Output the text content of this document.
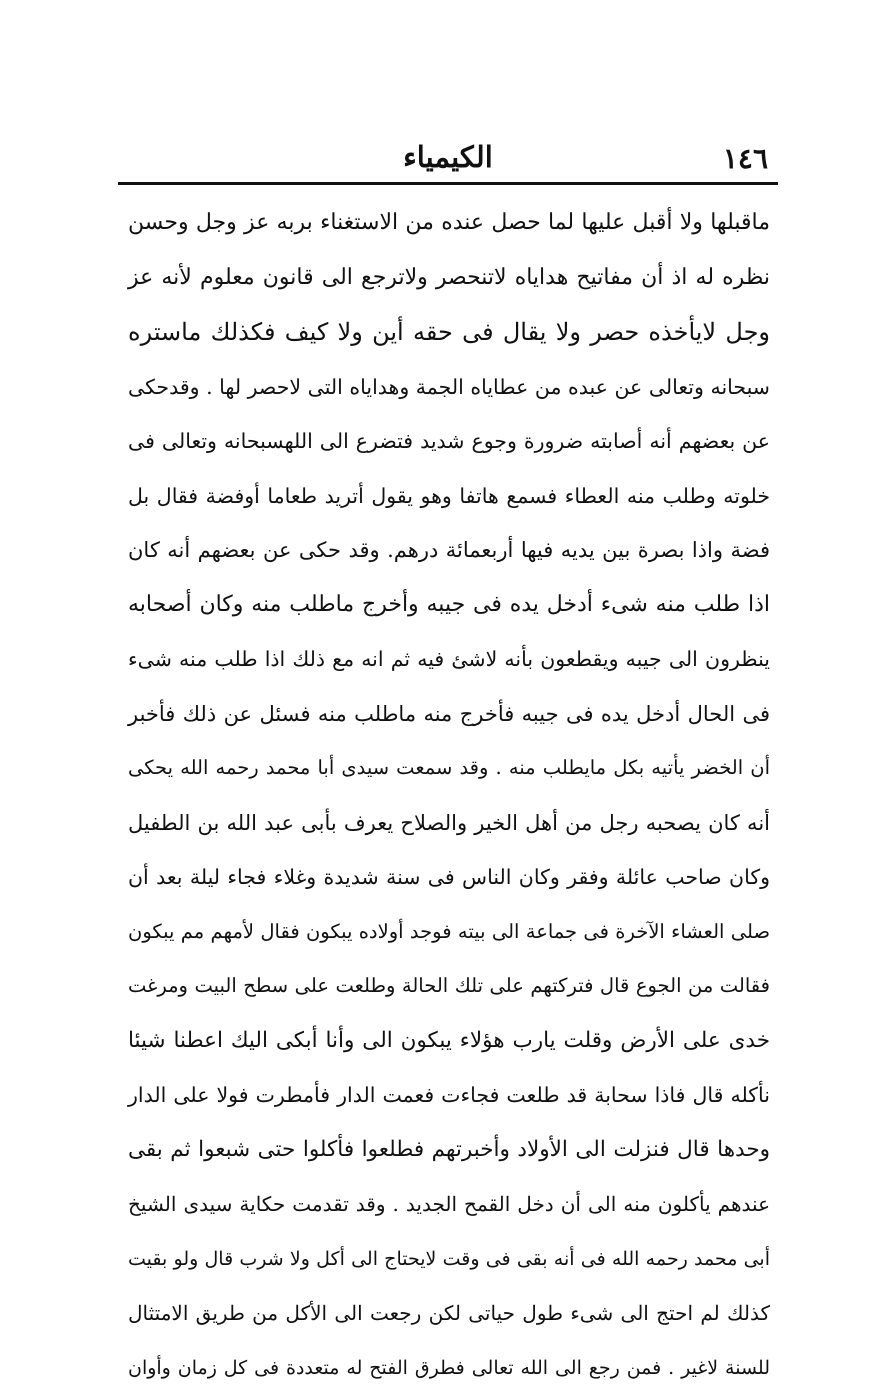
١٤٦
الكيمياء
ماقبلها ولا أقبل عليها لما حصل عنده من الاستغناء بربه عز وجل وحسن
نظره له اذ أن مفاتيح هداياه لاتنحصر ولاترجع الى قانون معلوم لأنه عز
وجل لايأخذه حصر ولا يقال فى حقه أين ولا كيف فكذلك ماستره
سبحانه وتعالى عن عبده من عطاياه الجمة وهداياه التى لاحصر لها . وقدحكى
عن بعضهم أنه أصابته ضرورة وجوع شديد فتضرع الى اللهسبحانه وتعالى فى
خلوته وطلب منه العطاء فسمع هاتفا وهو يقول أتريد طعاما أوفضة فقال بل
فضة واذا بصرة بين يديه فيها أربعمائة درهم. وقد حكى عن بعضهم أنه كان
اذا طلب منه شىء أدخل يده فى جيبه وأخرج ماطلب منه وكان أصحابه
ينظرون الى جيبه ويقطعون بأنه لاشئ فيه ثم انه مع ذلك اذا طلب منه شىء
فى الحال أدخل يده فى جيبه فأخرج منه ماطلب منه فسئل عن ذلك فأخبر
أن الخضر يأتيه بكل مايطلب منه . وقد سمعت سيدى أبا محمد رحمه الله يحكى
أنه كان يصحبه رجل من أهل الخير والصلاح يعرف بأبى عبد الله بن الطفيل
وكان صاحب عائلة وفقر وكان الناس فى سنة شديدة وغلاء فجاء ليلة بعد أن
صلى العشاء الآخرة فى جماعة الى بيته فوجد أولاده يبكون فقال لأمهم مم يبكون
فقالت من الجوع قال فتركتهم على تلك الحالة وطلعت على سطح البيت ومرغت
خدى على الأرض وقلت يارب هؤلاء يبكون الى وأنا أبكى اليك اعطنا شيئا
نأكله قال فاذا سحابة قد طلعت فجاءت فعمت الدار فأمطرت فولا على الدار
وحدها قال فنزلت الى الأولاد وأخبرتهم فطلعوا فأكلوا حتى شبعوا ثم بقى
عندهم يأكلون منه الى أن دخل القمح الجديد . وقد تقدمت حكاية سيدى الشيخ
أبى محمد رحمه الله فى أنه بقى فى وقت لايحتاج الى أكل ولا شرب قال ولو بقيت
كذلك لم احتج الى شىء طول حياتى لكن رجعت الى الأكل من طريق الامتثال
للسنة لاغير . فمن رجع الى الله تعالى فطرق الفتح له متعددة فى كل زمان وأوان
